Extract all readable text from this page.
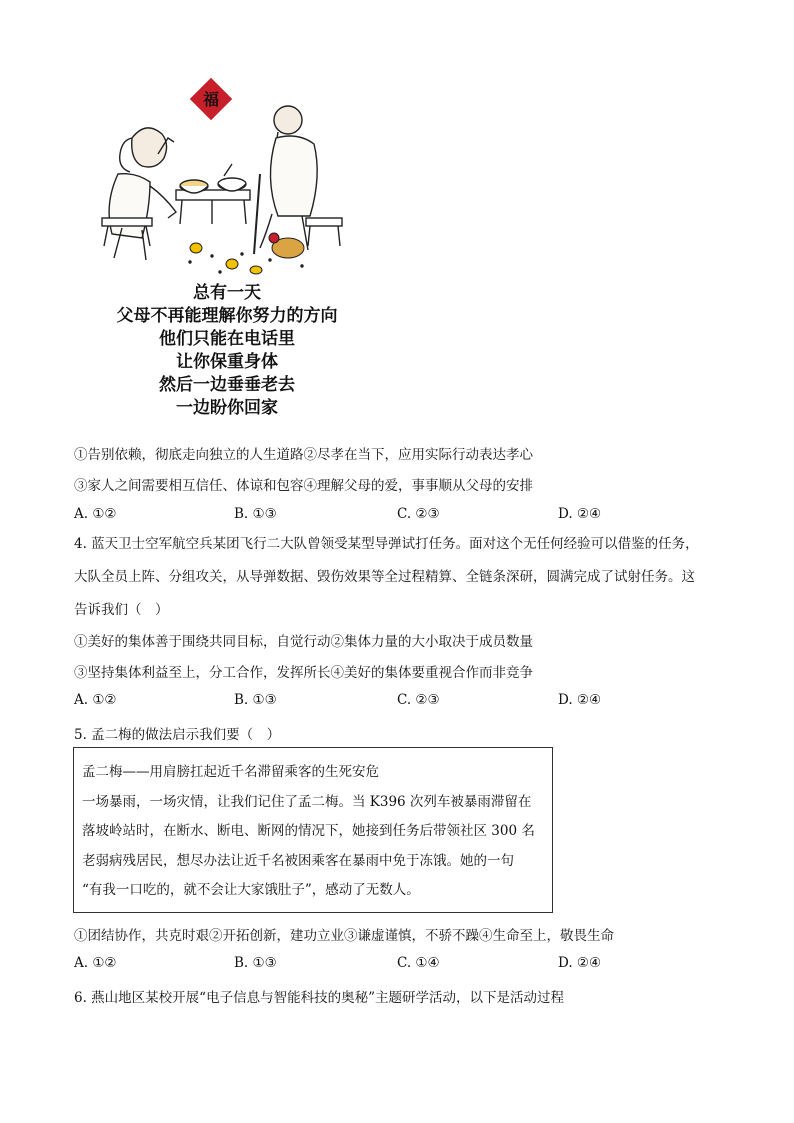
福
总有一天
父母不再能理解你努力的方向
他们只能在电话里
让你保重身体
然后一边垂垂老去
一边盼你回家
①告别依赖，彻底走向独立的人生道路②尽孝在当下，应用实际行动表达孝心
③家人之间需要相互信任、体谅和包容④理解父母的爱，事事顺从父母的安排
A. ①②	B. ①③	C. ②③	D. ②④
4. 蓝天卫士空军航空兵某团飞行二大队曾领受某型导弹试打任务。面对这个无任何经验可以借鉴的任务，
大队全员上阵、分组攻关，从导弹数据、毁伤效果等全过程精算、全链条深研，圆满完成了试射任务。这
告诉我们（　）
①美好的集体善于围绕共同目标，自觉行动②集体力量的大小取决于成员数量
③坚持集体利益至上，分工合作，发挥所长④美好的集体要重视合作而非竞争
A. ①②	B. ①③	C. ②③	D. ②④
5. 孟二梅的做法启示我们要（　）
孟二梅——用肩膀扛起近千名滞留乘客的生死安危
一场暴雨，一场灾情，让我们记住了孟二梅。当 K396 次列车被暴雨滞留在
落坡岭站时，在断水、断电、断网的情况下，她接到任务后带领社区 300 名
老弱病残居民，想尽办法让近千名被困乘客在暴雨中免于冻饿。她的一句
“有我一口吃的，就不会让大家饿肚子”，感动了无数人。
①团结协作，共克时艰②开拓创新，建功立业③谦虚谨慎，不骄不躁④生命至上，敬畏生命
A. ①②	B. ①③	C. ①④	D. ②④
6. 燕山地区某校开展“电子信息与智能科技的奥秘”主题研学活动，以下是活动过程
